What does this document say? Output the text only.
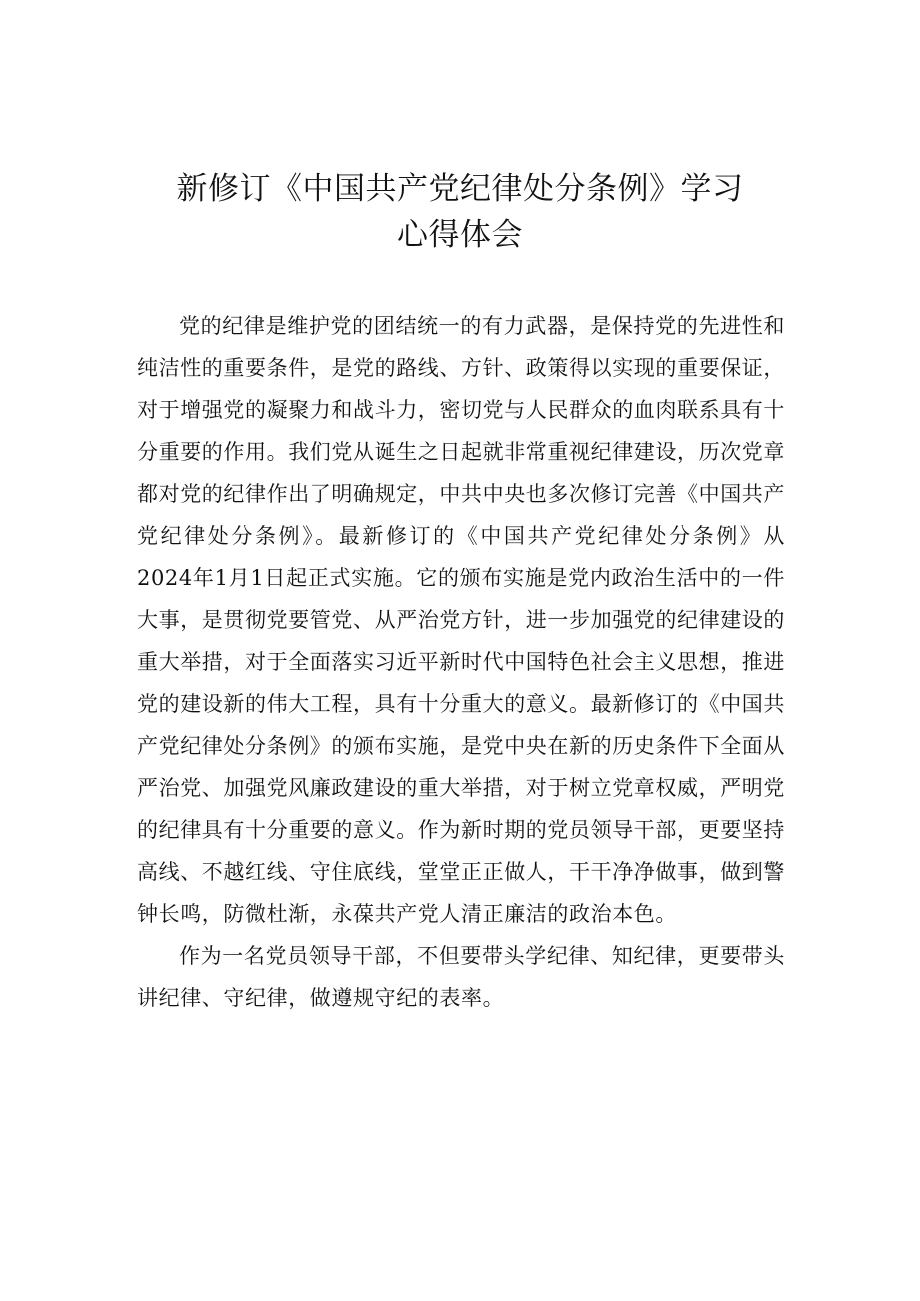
新修订《中国共产党纪律处分条例》学习
心得体会

党的纪律是维护党的团结统一的有力武器，是保持党的先进性和纯洁性的重要条件，是党的路线、方针、政策得以实现的重要保证，对于增强党的凝聚力和战斗力，密切党与人民群众的血肉联系具有十分重要的作用。我们党从诞生之日起就非常重视纪律建设，历次党章都对党的纪律作出了明确规定，中共中央也多次修订完善《中国共产党纪律处分条例》。最新修订的《中国共产党纪律处分条例》从2024年1月1日起正式实施。它的颁布实施是党内政治生活中的一件大事，是贯彻党要管党、从严治党方针，进一步加强党的纪律建设的重大举措，对于全面落实习近平新时代中国特色社会主义思想，推进党的建设新的伟大工程，具有十分重大的意义。最新修订的《中国共产党纪律处分条例》的颁布实施，是党中央在新的历史条件下全面从严治党、加强党风廉政建设的重大举措，对于树立党章权威，严明党的纪律具有十分重要的意义。作为新时期的党员领导干部，更要坚持高线、不越红线、守住底线，堂堂正正做人，干干净净做事，做到警钟长鸣，防微杜渐，永葆共产党人清正廉洁的政治本色。

作为一名党员领导干部，不但要带头学纪律、知纪律，更要带头讲纪律、守纪律，做遵规守纪的表率。
